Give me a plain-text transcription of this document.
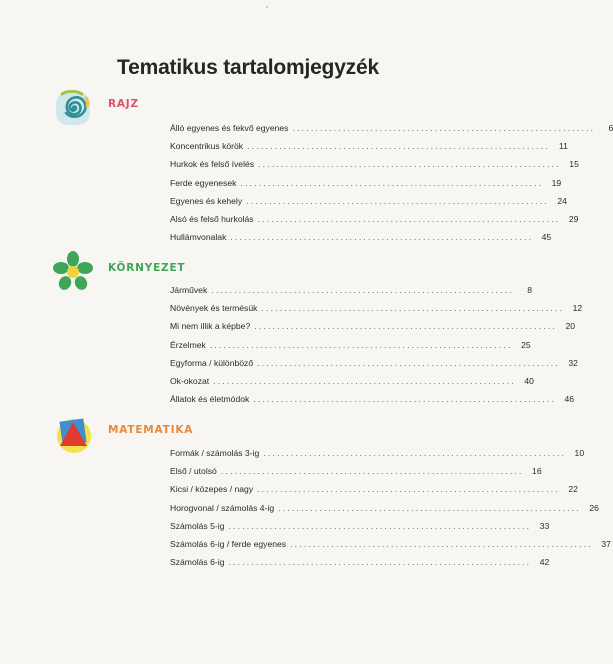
Tematikus tartalomjegyzék
RAJZ
Álló egyenes és fekvő egyenes ..................................................................	6
Koncentrikus körök ..................................................................	11
Hurkok és felső ívelés .................................................................. 15
Ferde egyenesek .................................................................. 19
Egyenes és kehely .................................................................. 24
Alsó és felső hurkolás .................................................................. 29
Hullámvonalak .................................................................. 45
KÖRNYEZET
Járművek ..................................................................	8
Növények és termésük .................................................................. 12
Mi nem illik a képbe? .................................................................. 20
Érzelmek .................................................................. 25
Egyforma / különböző .................................................................. 32
Ok-okozat .................................................................. 40
Állatok és életmódok .................................................................. 46
MATEMATIKA
Formák / számolás 3-ig .................................................................. 10
Első / utolsó .................................................................. 16
Kicsi / közepes / nagy .................................................................. 22
Horogvonal / számolás 4-ig .................................................................. 26
Számolás 5-ig .................................................................. 33
Számolás 6-ig / ferde egyenes .................................................................. 37
Számolás 6-ig .................................................................. 42
